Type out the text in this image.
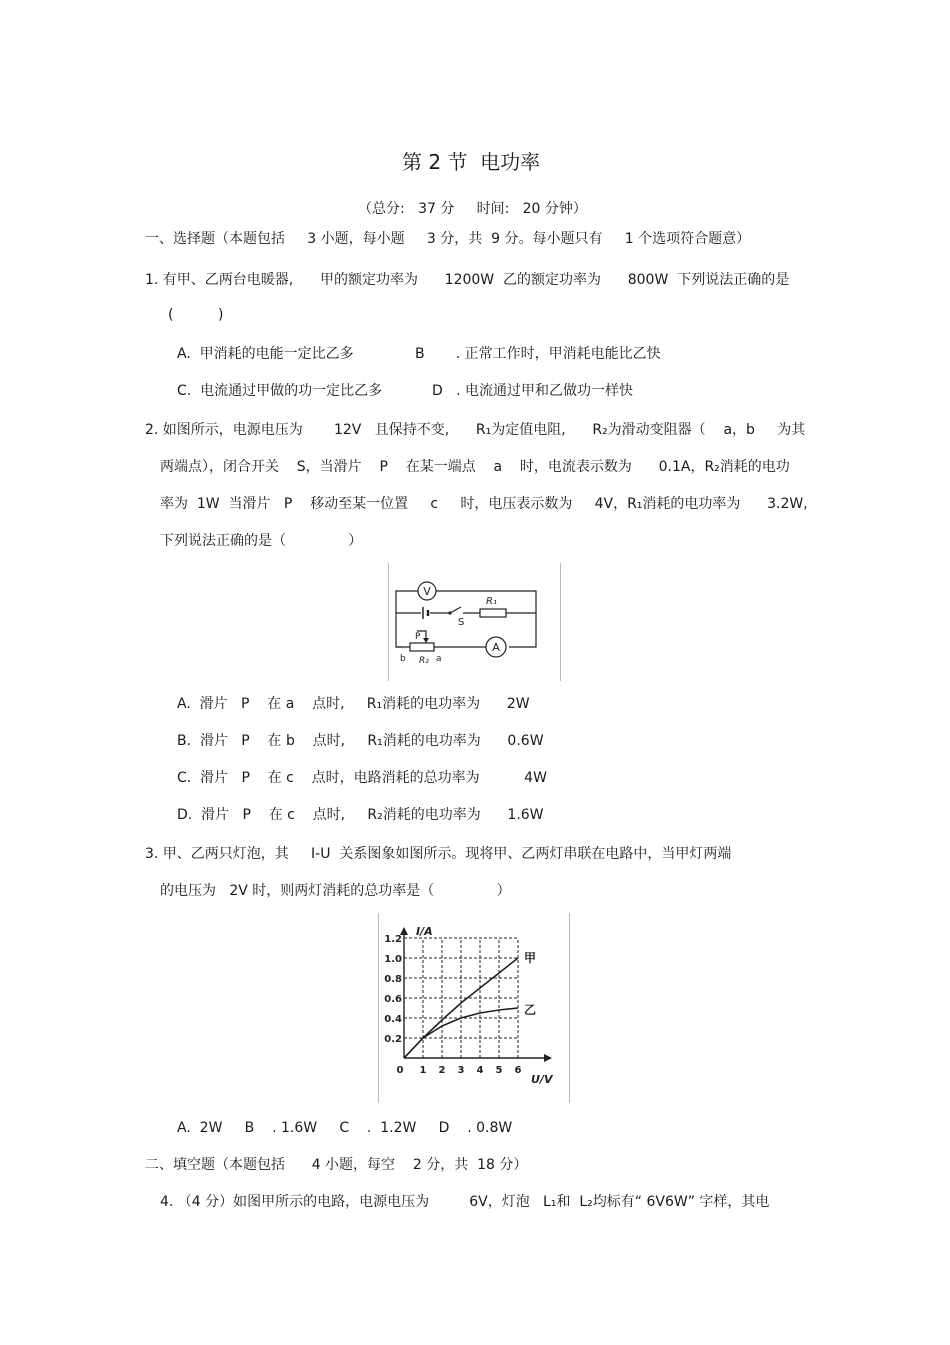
第 2 节  电功率
（总分:   37 分     时间:   20 分钟）
一、选择题（本题包括     3 小题，每小题     3 分，共  9 分。每小题只有     1 个选项符合题意）
1. 有甲、乙两台电暖器,      甲的额定功率为      1200W  乙的额定功率为      800W  下列说法正确的是
(          )
A.  甲消耗的电能一定比乙多	B       . 正常工作时，甲消耗电能比乙快
C.  电流通过甲做的功一定比乙多	D   . 电流通过甲和乙做功一样快
2. 如图所示，电源电压为       12V   且保持不变,      R₁为定值电阻,      R₂为滑动变阻器（    a，b     为其
两端点），闭合开关    S，当滑片    P    在某一端点    a    时，电流表示数为      0.1A，R₂消耗的电功
率为  1W  当滑片   P    移动至某一位置     c     时，电压表示数为     4V，R₁消耗的电功率为      3.2W,
下列说法正确的是（              ）
V
S
R₁
A
P
b R₂ a
A.  滑片   P    在 a    点时,     R₁消耗的电功率为      2W
B.  滑片   P    在 b    点时,     R₁消耗的电功率为      0.6W
C.  滑片   P    在 c    点时，电路消耗的总功率为          4W
D.  滑片   P    在 c    点时,     R₂消耗的电功率为      1.6W
3. 甲、乙两只灯泡，其     I-U  关系图象如图所示。现将甲、乙两灯串联在电路中，当甲灯两端
的电压为   2V 时，则两灯消耗的总功率是（              ）
0 1 2 3 4 5 6
0.2
0.4
0.6
0.8
1.0
1.2
甲
乙
I/A
U/V
A.  2W     B    . 1.6W     C    .  1.2W     D    . 0.8W
二、填空题（本题包括      4 小题，每空    2 分，共  18 分）
4. （4 分）如图甲所示的电路，电源电压为         6V，灯泡   L₁和  L₂均标有“ 6V6W” 字样，其电
